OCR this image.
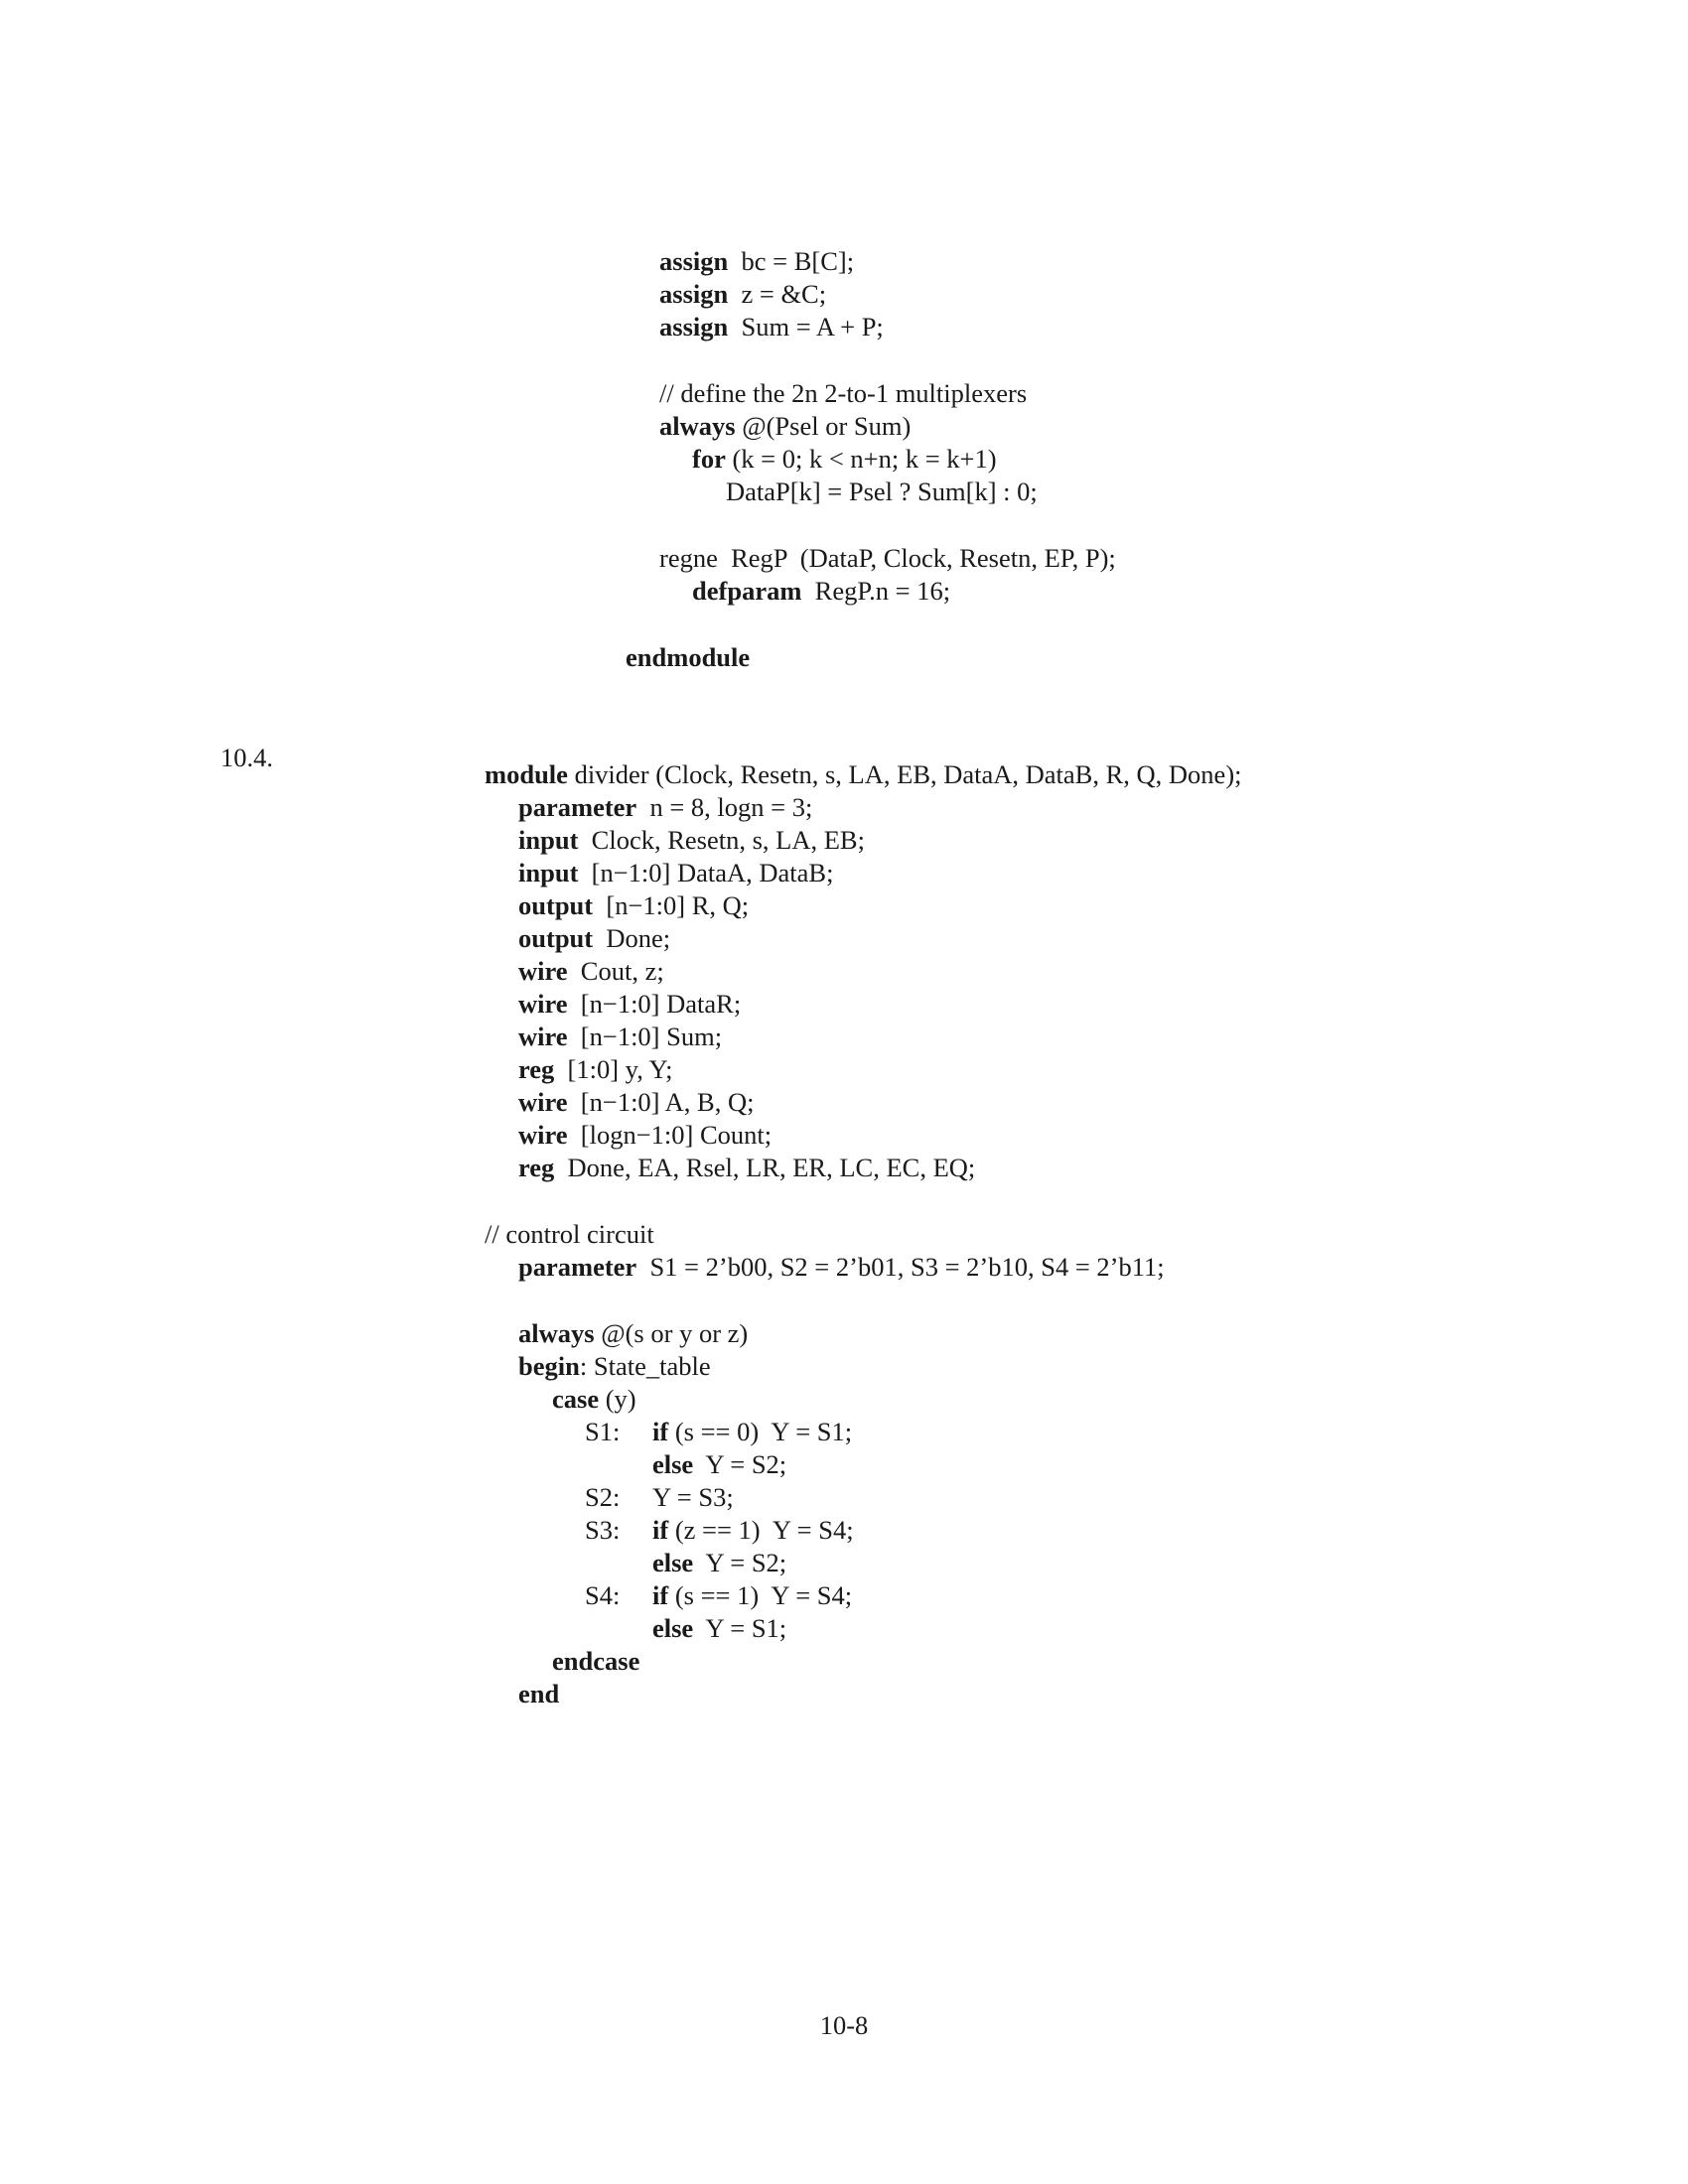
assign  bc = B[C];
assign  z = &C;
assign  Sum = A + P;
// define the 2n 2-to-1 multiplexers
always @(Psel or Sum)
for (k = 0; k < n+n; k = k+1)
DataP[k] = Psel ? Sum[k] : 0;
regne  RegP  (DataP, Clock, Resetn, EP, P);
defparam  RegP.n = 16;
endmodule
10.4.
module divider (Clock, Resetn, s, LA, EB, DataA, DataB, R, Q, Done);
parameter  n = 8, logn = 3;
input  Clock, Resetn, s, LA, EB;
input  [n−1:0] DataA, DataB;
output  [n−1:0] R, Q;
output  Done;
wire  Cout, z;
wire  [n−1:0] DataR;
wire  [n−1:0] Sum;
reg  [1:0] y, Y;
wire  [n−1:0] A, B, Q;
wire  [logn−1:0] Count;
reg  Done, EA, Rsel, LR, ER, LC, EC, EQ;
// control circuit
parameter  S1 = 2’b00, S2 = 2’b01, S3 = 2’b10, S4 = 2’b11;
always @(s or y or z)
begin: State_table
case (y)
S1: if (s == 0)  Y = S1;
else  Y = S2;
S2: Y = S3;
S3: if (z == 1)  Y = S4;
else  Y = S2;
S4: if (s == 1)  Y = S4;
else  Y = S1;
endcase
end
10-8
